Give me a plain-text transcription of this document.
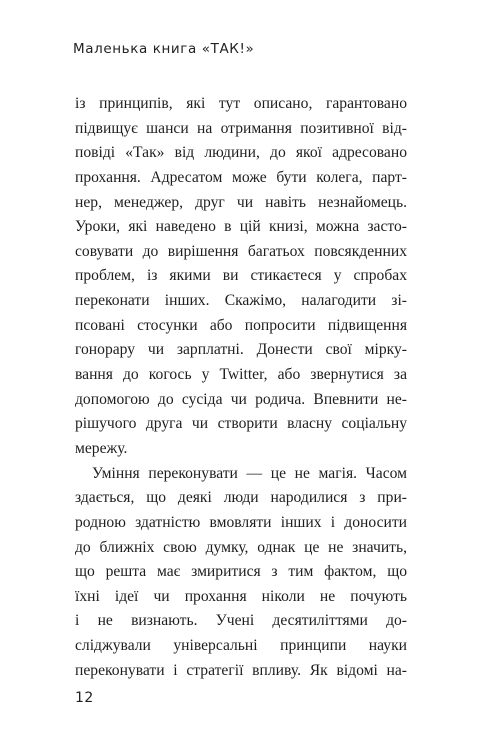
Маленька книга «ТАК!»
із принципів, які тут описано, гарантовано
підвищує шанси на отримання позитивної від-
повіді «Так» від людини, до якої адресовано
прохання. Адресатом може бути колега, парт-
нер, менеджер, друг чи навіть незнайомець.
Уроки, які наведено в цій книзі, можна засто-
совувати до вирішення багатьох повсякденних
проблем, із якими ви стикаєтеся у спробах
переконати інших. Скажімо, налагодити зі-
псовані стосунки або попросити підвищення
гонорару чи зарплатні. Донести свої мірку-
вання до когось у Twitter, або звернутися за
допомогою до сусіда чи родича. Впевнити не-
рішучого друга чи створити власну соціальну
мережу.
Уміння переконувати — це не магія. Часом
здається, що деякі люди народилися з при-
родною здатністю вмовляти інших і доносити
до ближніх свою думку, однак це не значить,
що решта має змиритися з тим фактом, що
їхні ідеї чи прохання ніколи не почують
і не визнають. Учені десятиліттями до-
сліджували універсальні принципи науки
переконувати і стратегії впливу. Як відомі на-
12
